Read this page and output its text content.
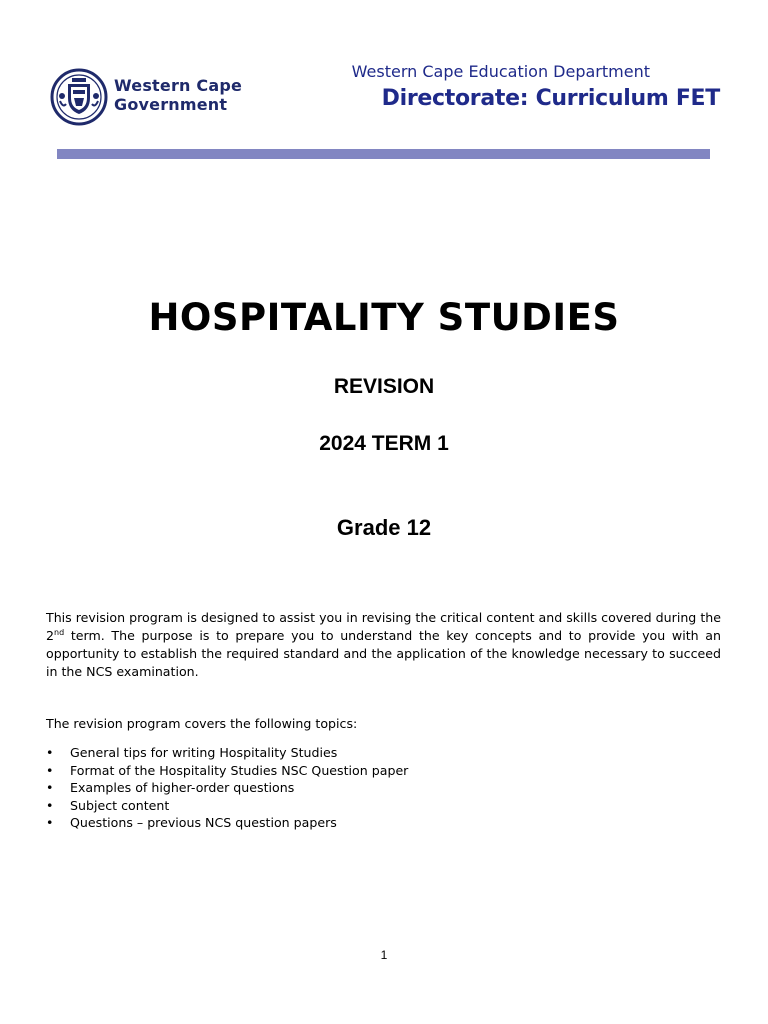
Western Cape
Government
Western Cape Education Department
Directorate: Curriculum FET
HOSPITALITY STUDIES
REVISION
2024 TERM 1
Grade 12

This revision program is designed to assist you in revising the critical content and skills covered during the 2nd term. The purpose is to prepare you to understand the key concepts and to provide you with an opportunity to establish the required standard and the application of the knowledge necessary to succeed in the NCS examination.

The revision program covers the following topics:

• General tips for writing Hospitality Studies
• Format of the Hospitality Studies NSC Question paper
• Examples of higher-order questions
• Subject content
• Questions – previous NCS question papers
1
